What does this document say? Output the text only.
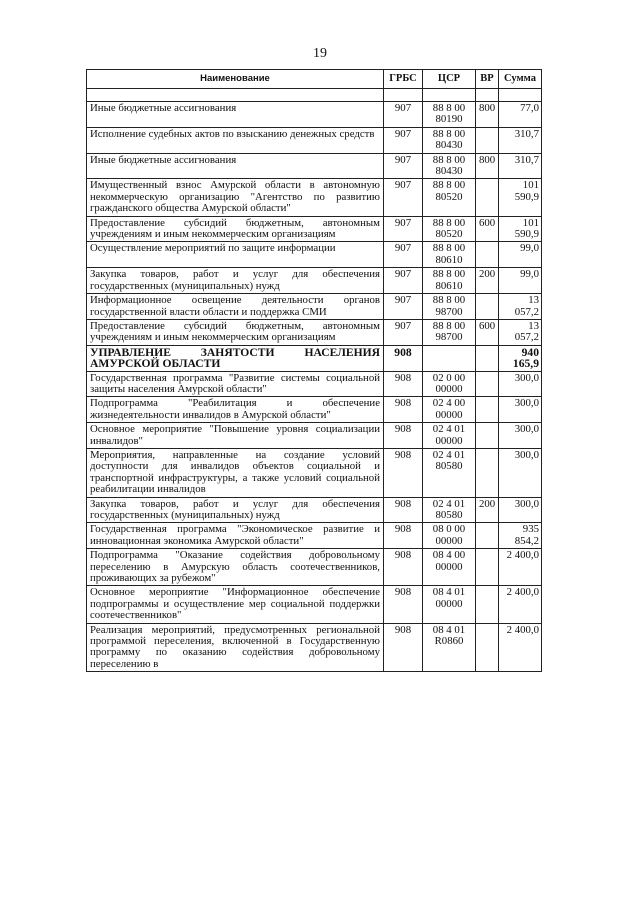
19
Наименование	ГРБС	ЦСР	ВР	Сумма

Иные бюджетные ассигнования	907	88 8 00 80190	800	77,0
Исполнение судебных актов по взысканию денежных средств	907	88 8 00 80430		310,7
Иные бюджетные ассигнования	907	88 8 00 80430	800	310,7
Имущественный взнос Амурской области в автономную некоммерческую организацию "Агентство по развитию гражданского общества Амурской области"	907	88 8 00 80520		101 590,9
Предоставление субсидий бюджетным, автономным учреждениям и иным некоммерческим организациям	907	88 8 00 80520	600	101 590,9
Осуществление мероприятий по защите информации	907	88 8 00 80610		99,0
Закупка товаров, работ и услуг для обеспечения государственных (муниципальных) нужд	907	88 8 00 80610	200	99,0
Информационное освещение деятельности органов государственной власти области и поддержка СМИ	907	88 8 00 98700		13 057,2
Предоставление субсидий бюджетным, автономным учреждениям и иным некоммерческим организациям	907	88 8 00 98700	600	13 057,2
УПРАВЛЕНИЕ ЗАНЯТОСТИ НАСЕЛЕНИЯ АМУРСКОЙ ОБЛАСТИ	908			940 165,9
Государственная программа "Развитие системы социальной защиты населения Амурской области"	908	02 0 00 00000		300,0
Подпрограмма "Реабилитация и обеспечение жизнедеятельности инвалидов в Амурской области"	908	02 4 00 00000		300,0
Основное мероприятие "Повышение уровня социализации инвалидов"	908	02 4 01 00000		300,0
Мероприятия, направленные на создание условий доступности для инвалидов объектов социальной и транспортной инфраструктуры, а также условий социальной реабилитации инвалидов	908	02 4 01 80580		300,0
Закупка товаров, работ и услуг для обеспечения государственных (муниципальных) нужд	908	02 4 01 80580	200	300,0
Государственная программа "Экономическое развитие и инновационная экономика Амурской области"	908	08 0 00 00000		935 854,2
Подпрограмма "Оказание содействия добровольному переселению в Амурскую область соотечественников, проживающих за рубежом"	908	08 4 00 00000		2 400,0
Основное мероприятие "Информационное обеспечение подпрограммы и осуществление мер социальной поддержки соотечественников"	908	08 4 01 00000		2 400,0
Реализация мероприятий, предусмотренных региональной программой переселения, включенной в Государственную программу по оказанию содействия добровольному переселению в	908	08 4 01 R0860		2 400,0
